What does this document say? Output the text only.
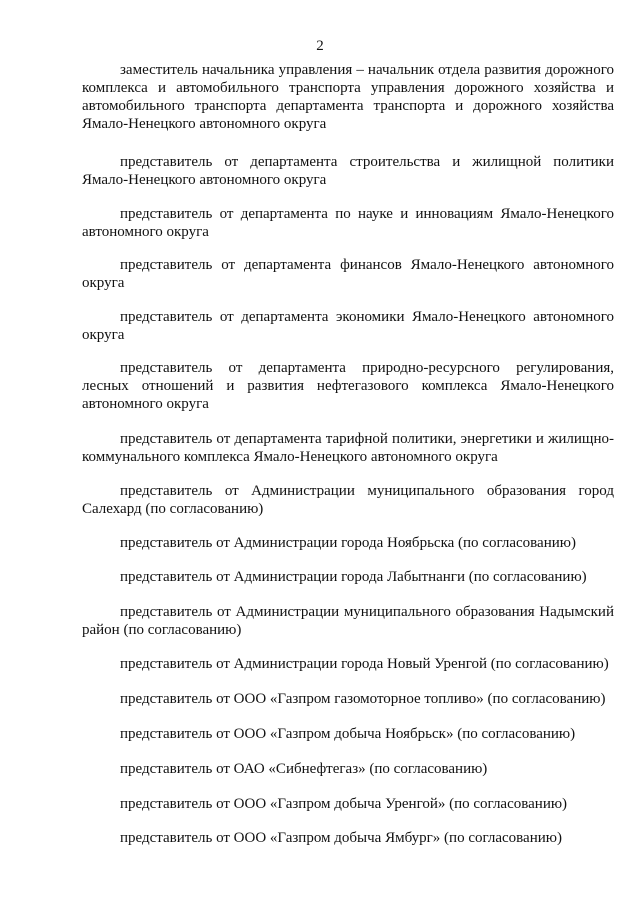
2

заместитель начальника управления – начальник отдела развития дорожного комплекса и автомобильного транспорта управления дорожного хозяйства и автомобильного транспорта департамента транспорта и дорожного хозяйства Ямало-Ненецкого автономного округа

представитель от департамента строительства и жилищной политики Ямало-Ненецкого автономного округа

представитель от департамента по науке и инновациям Ямало-Ненецкого автономного округа

представитель от департамента финансов Ямало-Ненецкого автономного округа

представитель от департамента экономики Ямало-Ненецкого автономного округа

представитель от департамента природно-ресурсного регулирования, лесных отношений и развития нефтегазового комплекса Ямало-Ненецкого автономного округа

представитель от департамента тарифной политики, энергетики и жилищно-коммунального комплекса Ямало-Ненецкого автономного округа

представитель от Администрации муниципального образования город Салехард (по согласованию)

представитель от Администрации города Ноябрьска (по согласованию)

представитель от Администрации города Лабытнанги (по согласованию)

представитель от Администрации муниципального образования Надымский район (по согласованию)

представитель от Администрации города Новый Уренгой (по согласованию)

представитель от ООО «Газпром газомоторное топливо» (по согласованию)

представитель от ООО «Газпром добыча Ноябрьск» (по согласованию)

представитель от ОАО «Сибнефтегаз» (по согласованию)

представитель от ООО «Газпром добыча Уренгой» (по согласованию)

представитель от ООО «Газпром добыча Ямбург» (по согласованию)
